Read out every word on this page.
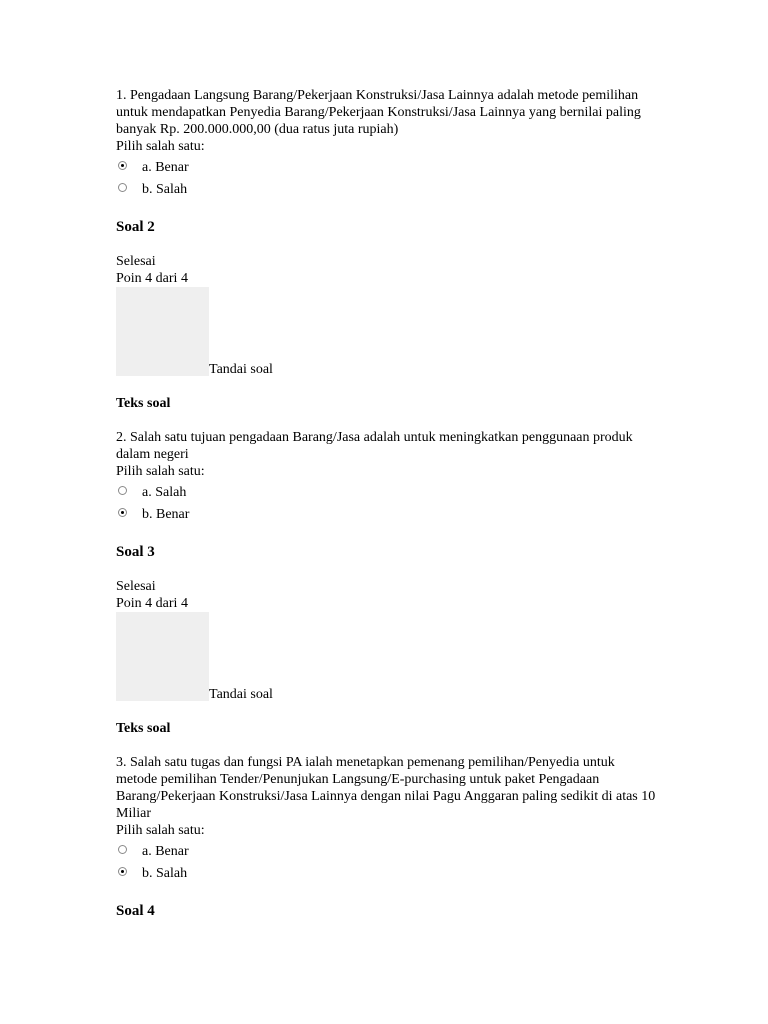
1. Pengadaan Langsung Barang/Pekerjaan Konstruksi/Jasa Lainnya adalah metode pemilihan untuk mendapatkan Penyedia Barang/Pekerjaan Konstruksi/Jasa Lainnya yang bernilai paling banyak Rp. 200.000.000,00 (dua ratus juta rupiah)

Pilih salah satu:

a. Benar
b. Salah
Soal 2

Selesai

Poin 4 dari 4

Tandai soal

Teks soal

2. Salah satu tujuan pengadaan Barang/Jasa adalah untuk meningkatkan penggunaan produk dalam negeri

Pilih salah satu:

a. Salah
b. Benar
Soal 3

Selesai

Poin 4 dari 4

Tandai soal

Teks soal

3. Salah satu tugas dan fungsi PA ialah menetapkan pemenang pemilihan/Penyedia untuk metode pemilihan Tender/Penunjukan Langsung/E-purchasing untuk paket Pengadaan Barang/Pekerjaan Konstruksi/Jasa Lainnya dengan nilai Pagu Anggaran paling sedikit di atas 10 Miliar

Pilih salah satu:

a. Benar
b. Salah
Soal 4
